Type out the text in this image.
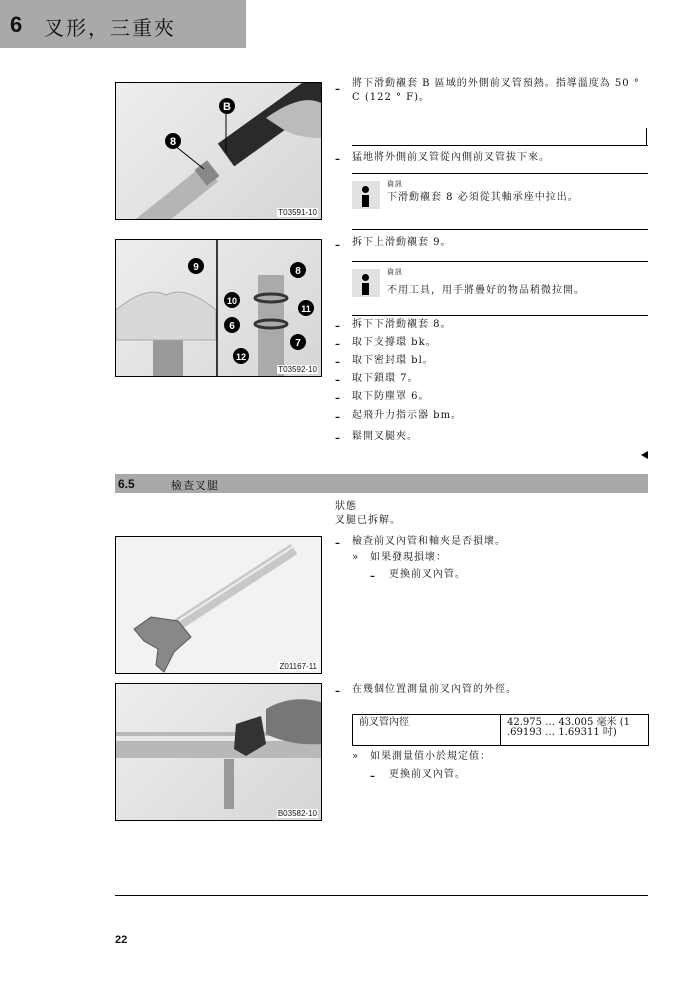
6 叉形，三重夾
B
8
T03591-10
9	8
10
11
6
7
12
T03592-10
–
將下滑動襯套 B 區域的外側前叉管預熱。指導溫度為 50 °
C (122 ° F)。
– 猛地將外側前叉管從內側前叉管拔下來。
資訊
下滑動襯套 8 必須從其軸承座中拉出。
– 拆下上滑動襯套 9。
資訊
不用工具，用手將疊好的物品稍微拉開。
– 拆下下滑動襯套 8。
– 取下支撐環 bk。
– 取下密封環 bl。
– 取下鎖環 7。
– 取下防塵罩 6。
– 起飛升力指示器 bm。
– 鬆開叉腿夾。
6.5	檢查叉腿
狀態
叉腿已拆解。
– 檢查前叉內管和軸夾是否損壞。
» 如果發現損壞：
– 更換前叉內管。
Z01167-11
B03582-10
– 在幾個位置測量前叉內管的外徑。
前叉管內徑	42.975 … 43.005 毫米 (1
.69193 … 1.69311 吋)
» 如果測量值小於規定值：
– 更換前叉內管。
22
